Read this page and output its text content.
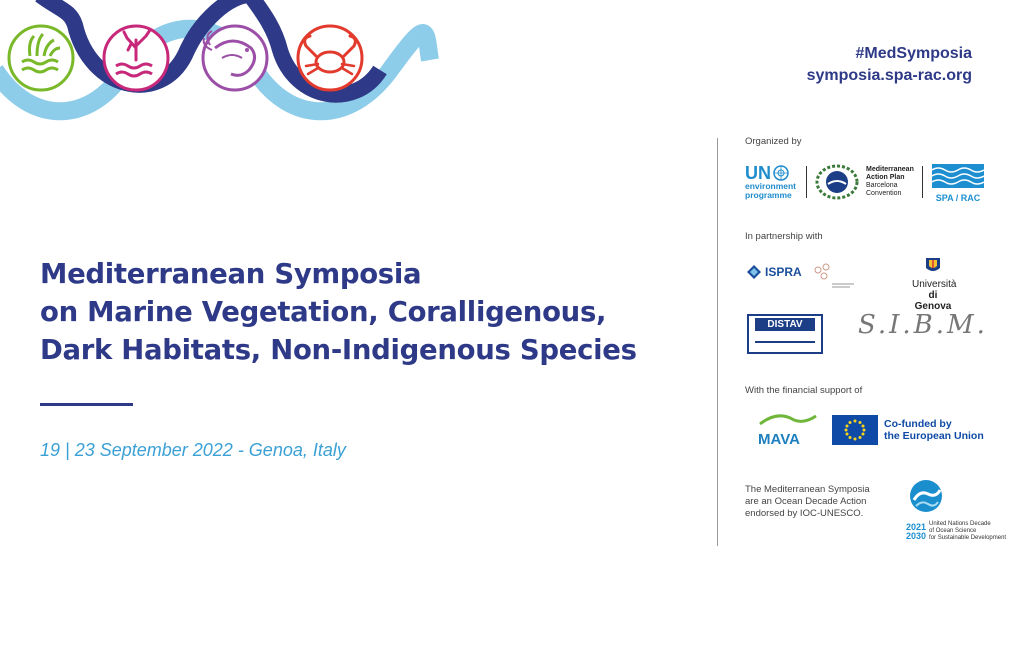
#MedSymposia
symposia.spa-rac.org
Mediterranean Symposia
on Marine Vegetation, Coralligenous,
Dark Habitats, Non-Indigenous Species
19 | 23 September 2022 - Genoa, Italy
Organized by
UN
environment
programme
Mediterranean
Action Plan
Barcelona
Convention	SPA / RAC
In partnership with
ISPRA
Università
di Genova
DISTAV	S.I.B.M.
With the financial support of
MAVA
Co-funded by
the European Union
The Mediterranean Symposia are an Ocean Decade Action endorsed by IOC-UNESCO.
2021
2030
United Nations Decade
of Ocean Science
for Sustainable Development
